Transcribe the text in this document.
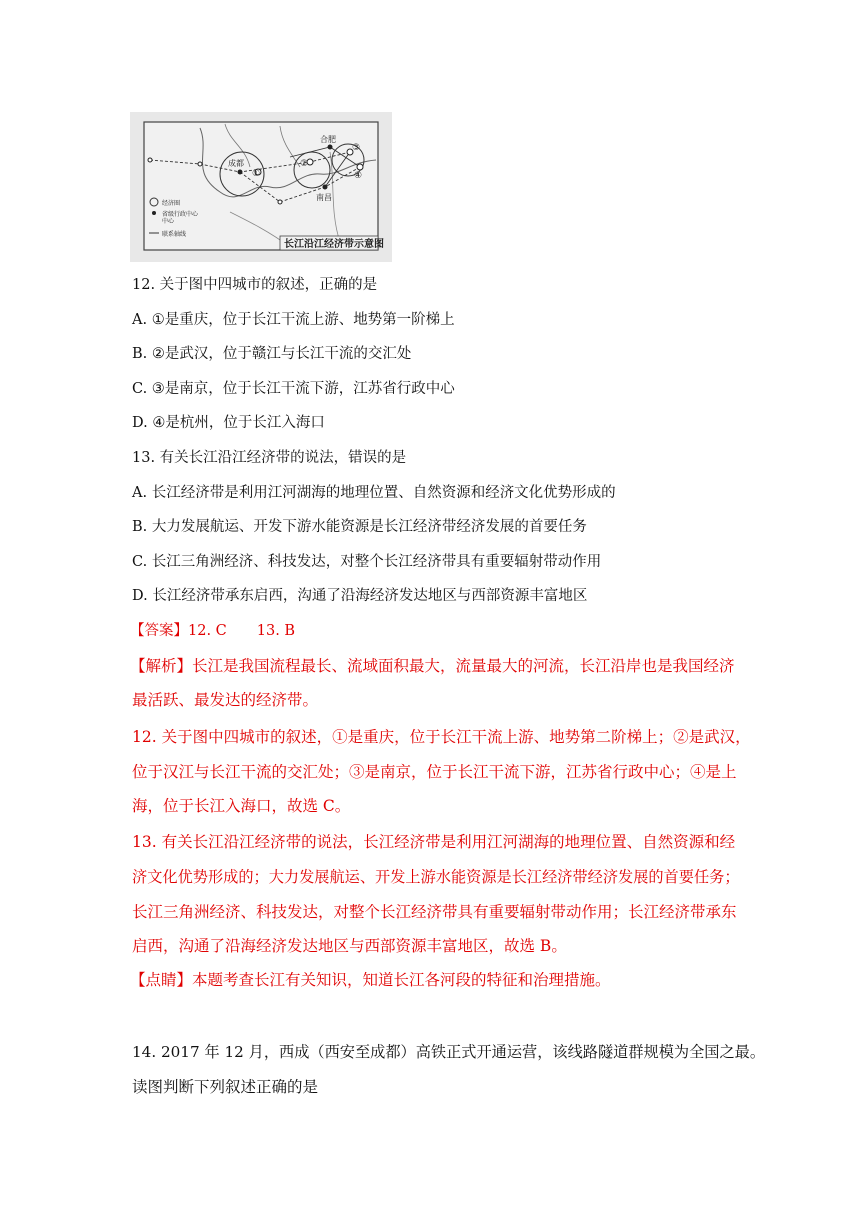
成都
合肥
南昌
①
②
③
④
经济圈
省级行政中心
中心
联系轴线
长江沿江经济带示意图
12. 关于图中四城市的叙述，正确的是
A. ①是重庆，位于长江干流上游、地势第一阶梯上
B. ②是武汉，位于赣江与长江干流的交汇处
C. ③是南京，位于长江干流下游，江苏省行政中心
D. ④是杭州，位于长江入海口
13. 有关长江沿江经济带的说法，错误的是
A. 长江经济带是利用江河湖海的地理位置、自然资源和经济文化优势形成的
B. 大力发展航运、开发下游水能资源是长江经济带经济发展的首要任务
C. 长江三角洲经济、科技发达，对整个长江经济带具有重要辐射带动作用
D. 长江经济带承东启西，沟通了沿海经济发达地区与西部资源丰富地区
【答案】12. C 13. B
【解析】长江是我国流程最长、流域面积最大，流量最大的河流，长江沿岸也是我国经济
最活跃、最发达的经济带。
12. 关于图中四城市的叙述，①是重庆，位于长江干流上游、地势第二阶梯上；②是武汉，
位于汉江与长江干流的交汇处；③是南京，位于长江干流下游，江苏省行政中心；④是上
海，位于长江入海口，故选 C。
13. 有关长江沿江经济带的说法，长江经济带是利用江河湖海的地理位置、自然资源和经
济文化优势形成的；大力发展航运、开发上游水能资源是长江经济带经济发展的首要任务；
长江三角洲经济、科技发达，对整个长江经济带具有重要辐射带动作用；长江经济带承东
启西，沟通了沿海经济发达地区与西部资源丰富地区，故选 B。
【点睛】本题考查长江有关知识，知道长江各河段的特征和治理措施。
14. 2017 年 12 月，西成（西安至成都）高铁正式开通运营，该线路隧道群规模为全国之最。
读图判断下列叙述正确的是
